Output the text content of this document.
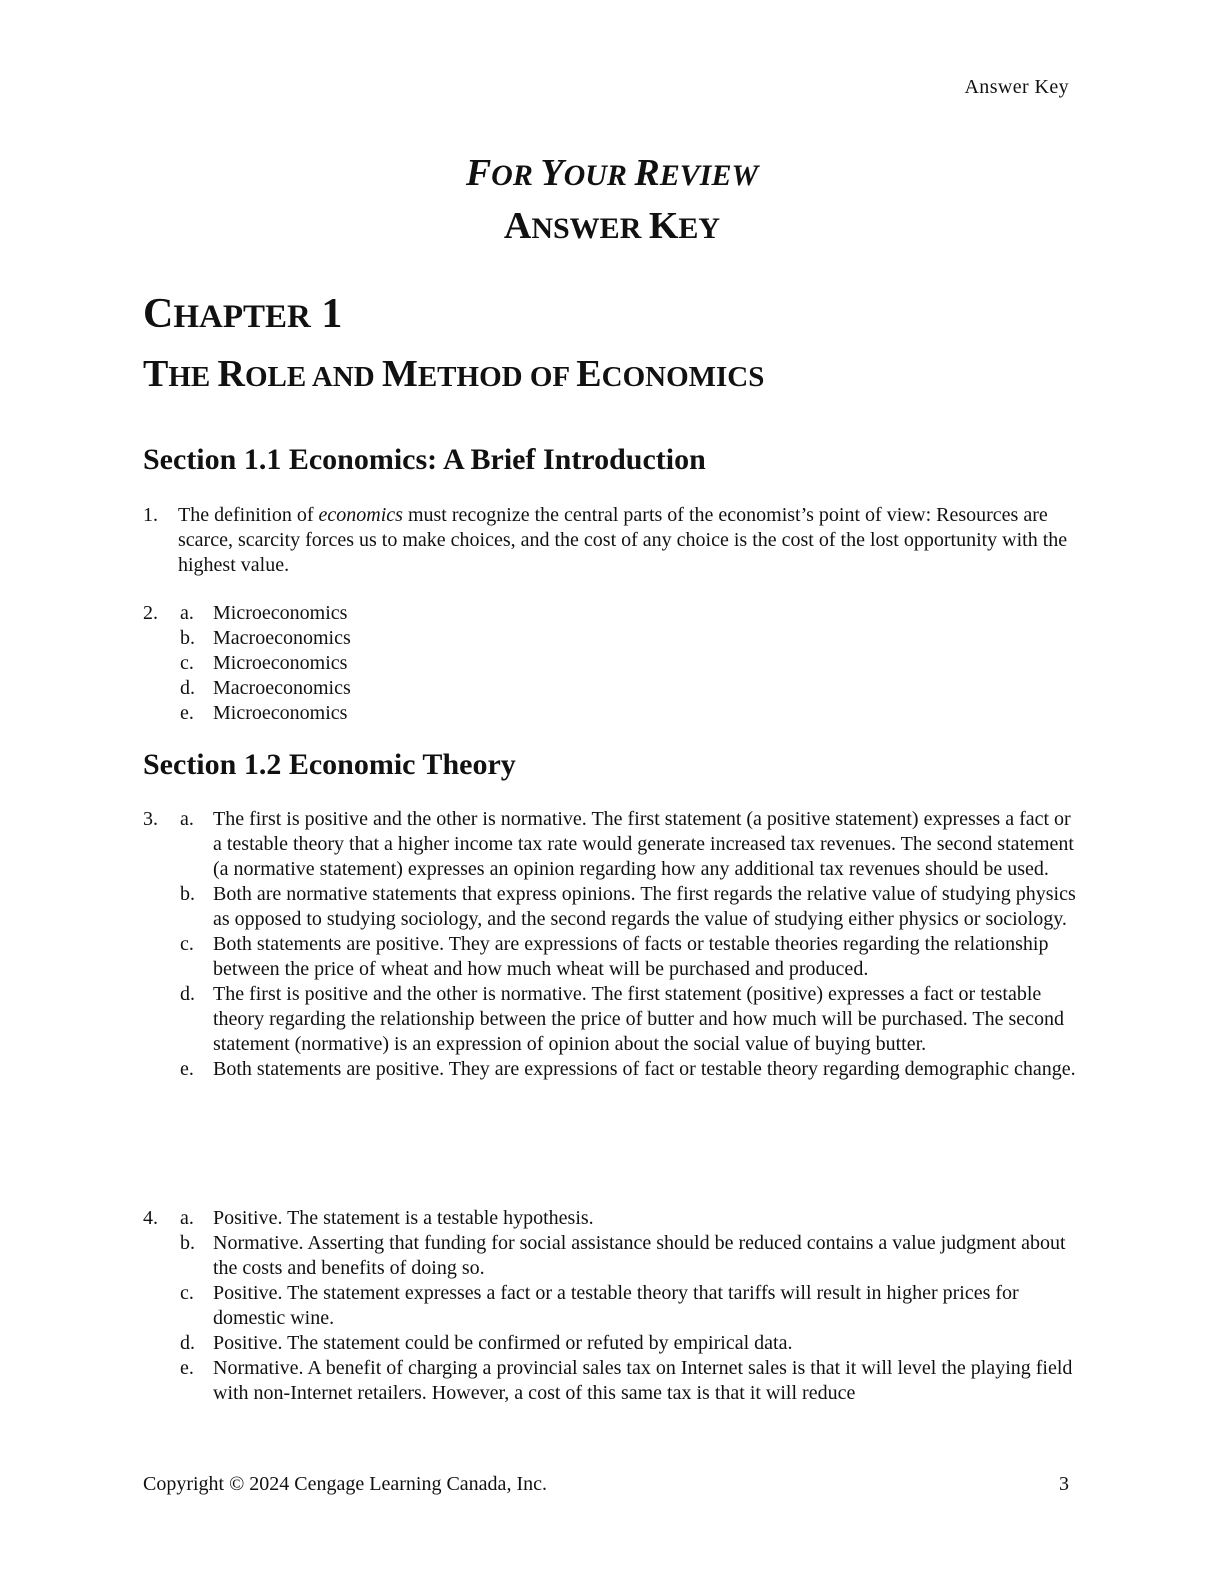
Answer Key
FOR YOUR REVIEW
ANSWER KEY
CHAPTER 1
THE ROLE AND METHOD OF ECONOMICS
Section 1.1 Economics: A Brief Introduction
1.	The definition of economics must recognize the central parts of the economist’s point of view: Resources are scarce, scarcity forces us to make choices, and the cost of any choice is the cost of the lost opportunity with the highest value.
2.	a. Microeconomics
b. Macroeconomics
c. Microeconomics
d. Macroeconomics
e. Microeconomics
Section 1.2 Economic Theory
3.	a. The first is positive and the other is normative. The first statement (a positive statement) expresses a fact or a testable theory that a higher income tax rate would generate increased tax revenues. The second statement (a normative statement) expresses an opinion regarding how any additional tax revenues should be used.
b. Both are normative statements that express opinions. The first regards the relative value of studying physics as opposed to studying sociology, and the second regards the value of studying either physics or sociology.
c. Both statements are positive. They are expressions of facts or testable theories regarding the relationship between the price of wheat and how much wheat will be purchased and produced.
d. The first is positive and the other is normative. The first statement (positive) expresses a fact or testable theory regarding the relationship between the price of butter and how much will be purchased. The second statement (normative) is an expression of opinion about the social value of buying butter.
e. Both statements are positive. They are expressions of fact or testable theory regarding demographic change.
4.	a. Positive. The statement is a testable hypothesis.
b. Normative. Asserting that funding for social assistance should be reduced contains a value judgment about the costs and benefits of doing so.
c. Positive. The statement expresses a fact or a testable theory that tariffs will result in higher prices for domestic wine.
d. Positive. The statement could be confirmed or refuted by empirical data.
e. Normative. A benefit of charging a provincial sales tax on Internet sales is that it will level the playing field with non-Internet retailers. However, a cost of this same tax is that it will reduce
Copyright © 2024 Cengage Learning Canada, Inc.	3
